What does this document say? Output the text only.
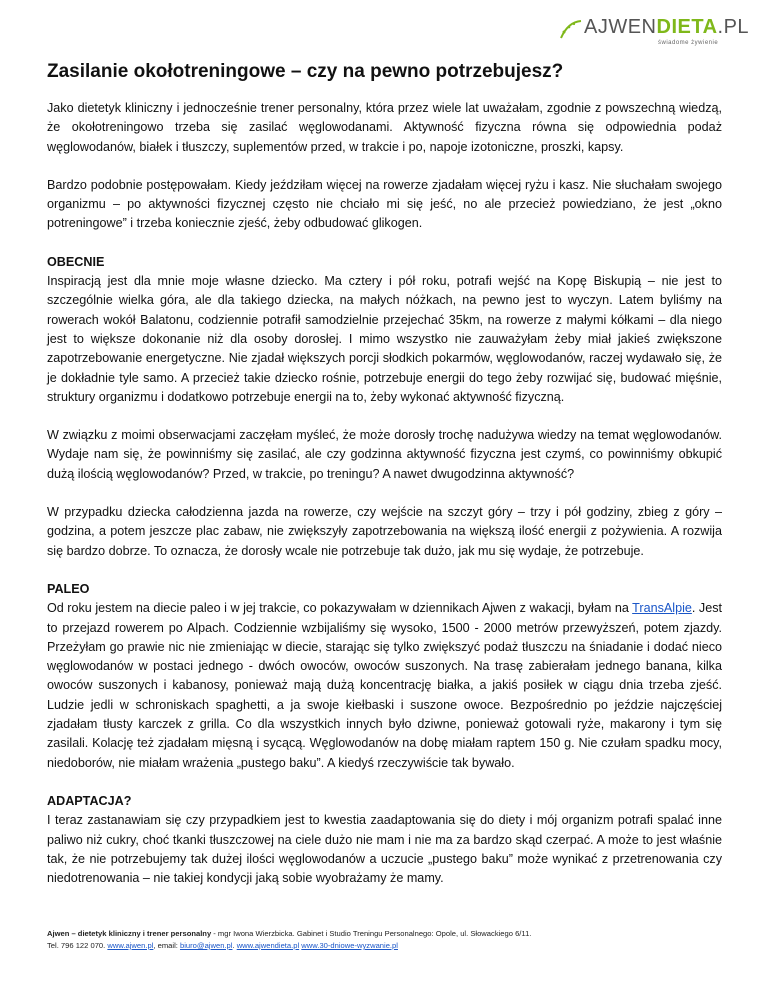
AJWENDIETA.PL
świadome żywienie
Zasilanie okołotreningowe – czy na pewno potrzebujesz?

Jako dietetyk kliniczny i jednocześnie trener personalny, która przez wiele lat uważałam, zgodnie z powszechną wiedzą, że okołotreningowo trzeba się zasilać węglowodanami. Aktywność fizyczna równa się odpowiednia podaż węglowodanów, białek i tłuszczy, suplementów przed, w trakcie i po, napoje izotoniczne, proszki, kapsy.

Bardzo podobnie postępowałam. Kiedy jeździłam więcej na rowerze zjadałam więcej ryżu i kasz. Nie słuchałam swojego organizmu – po aktywności fizycznej często nie chciało mi się jeść, no ale przecież powiedziano, że jest „okno potreningowe” i trzeba koniecznie zjeść, żeby odbudować glikogen.

OBECNIE
Inspiracją jest dla mnie moje własne dziecko. Ma cztery i pół roku, potrafi wejść na Kopę Biskupią – nie jest to szczególnie wielka góra, ale dla takiego dziecka, na małych nóżkach, na pewno jest to wyczyn. Latem byliśmy na rowerach wokół Balatonu, codziennie potrafił samodzielnie przejechać 35km, na rowerze z małymi kółkami – dla niego jest to większe dokonanie niż dla osoby dorosłej. I mimo wszystko nie zauważyłam żeby miał jakieś zwiększone zapotrzebowanie energetyczne. Nie zjadał większych porcji słodkich pokarmów, węglowodanów, raczej wydawało się, że je dokładnie tyle samo. A przecież takie dziecko rośnie, potrzebuje energii do tego żeby rozwijać się, budować mięśnie, struktury organizmu i dodatkowo potrzebuje energii na to, żeby wykonać aktywność fizyczną.

W związku z moimi obserwacjami zaczęłam myśleć, że może dorosły trochę nadużywa wiedzy na temat węglowodanów. Wydaje nam się, że powinniśmy się zasilać, ale czy godzinna aktywność fizyczna jest czymś, co powinniśmy obkupić dużą ilością węglowodanów? Przed, w trakcie, po treningu? A nawet dwugodzinna aktywność?

W przypadku dziecka całodzienna jazda na rowerze, czy wejście na szczyt góry – trzy i pół godziny, zbieg z góry – godzina, a potem jeszcze plac zabaw, nie zwiększyły zapotrzebowania na większą ilość energii z pożywienia. A rozwija się bardzo dobrze. To oznacza, że dorosły wcale nie potrzebuje tak dużo, jak mu się wydaje, że potrzebuje.

PALEO
Od roku jestem na diecie paleo i w jej trakcie, co pokazywałam w dziennikach Ajwen z wakacji, byłam na TransAlpie. Jest to przejazd rowerem po Alpach. Codziennie wzbijaliśmy się wysoko, 1500 - 2000 metrów przewyższeń, potem zjazdy. Przeżyłam go prawie nic nie zmieniając w diecie, starając się tylko zwiększyć podaż tłuszczu na śniadanie i dodać nieco węglowodanów w postaci jednego - dwóch owoców, owoców suszonych. Na trasę zabierałam jednego banana, kilka owoców suszonych i kabanosy, ponieważ mają dużą koncentrację białka, a jakiś posiłek w ciągu dnia trzeba zjeść. Ludzie jedli w schroniskach spaghetti, a ja swoje kiełbaski i suszone owoce. Bezpośrednio po jeździe najczęściej zjadałam tłusty karczek z grilla. Co dla wszystkich innych było dziwne, ponieważ gotowali ryże, makarony i tym się zasilali. Kolację też zjadałam mięsną i sycącą. Węglowodanów na dobę miałam raptem 150 g. Nie czułam spadku mocy, niedoborów, nie miałam wrażenia „pustego baku”. A kiedyś rzeczywiście tak bywało.

ADAPTACJA?
I teraz zastanawiam się czy przypadkiem jest to kwestia zaadaptowania się do diety i mój organizm potrafi spalać inne paliwo niż cukry, choć tkanki tłuszczowej na ciele dużo nie mam i nie ma za bardzo skąd czerpać. A może to jest właśnie tak, że nie potrzebujemy tak dużej ilości węglowodanów a uczucie „pustego baku” może wynikać z przetrenowania czy niedotrenowania – nie takiej kondycji jaką sobie wyobrażamy że mamy.

Ajwen – dietetyk kliniczny i trener personalny - mgr Iwona Wierzbicka. Gabinet i Studio Treningu Personalnego: Opole, ul. Słowackiego 6/11.
Tel. 796 122 070. www.ajwen.pl, email: biuro@ajwen.pl. www.ajwendieta.pl www.30-dniowe-wyzwanie.pl
